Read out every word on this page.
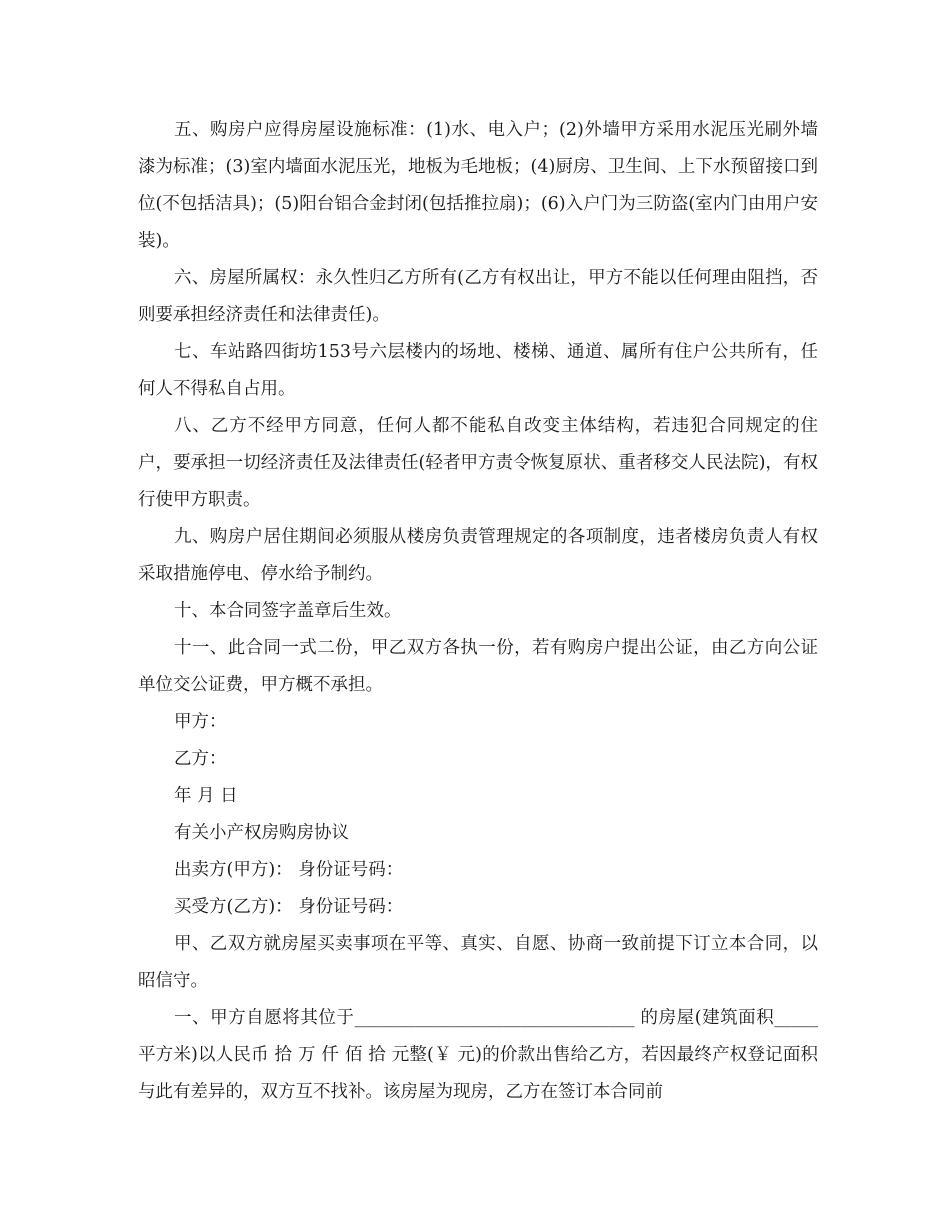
五、购房户应得房屋设施标准：(1)水、电入户；(2)外墙甲方采用水泥压光刷外墙漆为标准；(3)室内墙面水泥压光，地板为毛地板；(4)厨房、卫生间、上下水预留接口到位(不包括洁具)；(5)阳台铝合金封闭(包括推拉扇)；(6)入户门为三防盗(室内门由用户安装)。

六、房屋所属权：永久性归乙方所有(乙方有权出让，甲方不能以任何理由阻挡，否则要承担经济责任和法律责任)。

七、车站路四街坊153号六层楼内的场地、楼梯、通道、属所有住户公共所有，任何人不得私自占用。

八、乙方不经甲方同意，任何人都不能私自改变主体结构，若违犯合同规定的住户，要承担一切经济责任及法律责任(轻者甲方责令恢复原状、重者移交人民法院)，有权行使甲方职责。

九、购房户居住期间必须服从楼房负责管理规定的各项制度，违者楼房负责人有权采取措施停电、停水给予制约。

十、本合同签字盖章后生效。

十一、此合同一式二份，甲乙双方各执一份，若有购房户提出公证，由乙方向公证单位交公证费，甲方概不承担。

甲方：

乙方：

年 月 日

有关小产权房购房协议

出卖方(甲方)： 身份证号码：

买受方(乙方)： 身份证号码：

甲、乙双方就房屋买卖事项在平等、真实、自愿、协商一致前提下订立本合同，以昭信守。

一、甲方自愿将其位于________________________________ 的房屋(建筑面积_____ 平方米)以人民币 拾 万 仟 佰 拾 元整(￥ 元)的价款出售给乙方，若因最终产权登记面积与此有差异的，双方互不找补。该房屋为现房，乙方在签订本合同前
